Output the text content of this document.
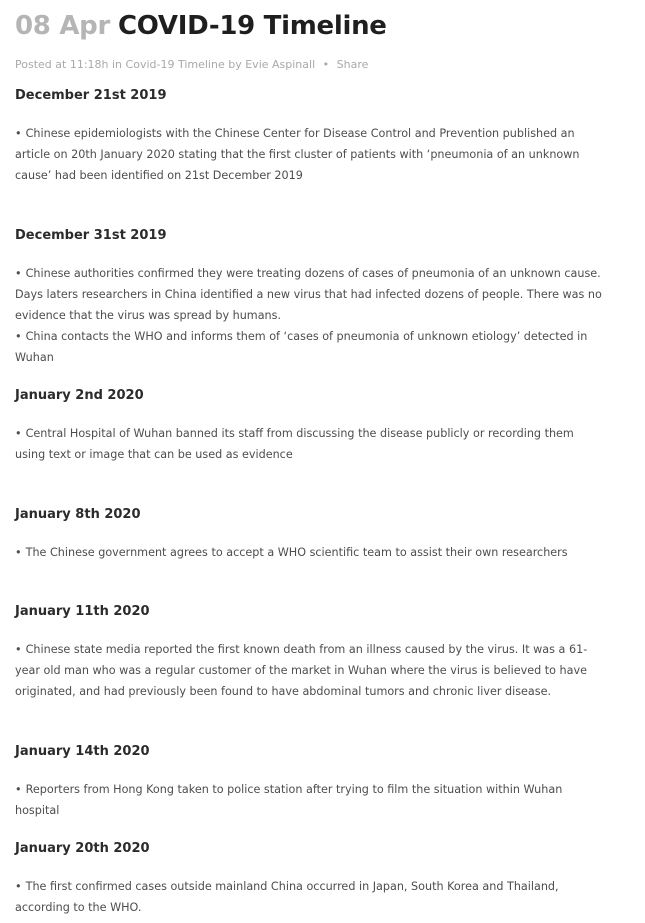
08 Apr COVID-19 Timeline
Posted at 11:18h in Covid-19 Timeline by Evie Aspinall • Share
December 21st 2019

• Chinese epidemiologists with the Chinese Center for Disease Control and Prevention published an article on 20th January 2020 stating that the first cluster of patients with ‘pneumonia of an unknown cause’ had been identified on 21st December 2019

December 31st 2019

• Chinese authorities confirmed they were treating dozens of cases of pneumonia of an unknown cause. Days laters researchers in China identified a new virus that had infected dozens of people. There was no evidence that the virus was spread by humans.

• China contacts the WHO and informs them of ‘cases of pneumonia of unknown etiology’ detected in Wuhan

January 2nd 2020

• Central Hospital of Wuhan banned its staff from discussing the disease publicly or recording them using text or image that can be used as evidence

January 8th 2020

• The Chinese government agrees to accept a WHO scientific team to assist their own researchers

January 11th 2020

• Chinese state media reported the first known death from an illness caused by the virus. It was a 61-year old man who was a regular customer of the market in Wuhan where the virus is believed to have originated, and had previously been found to have abdominal tumors and chronic liver disease.

January 14th 2020

• Reporters from Hong Kong taken to police station after trying to film the situation within Wuhan hospital

January 20th 2020

• The first confirmed cases outside mainland China occurred in Japan, South Korea and Thailand, according to the WHO.
